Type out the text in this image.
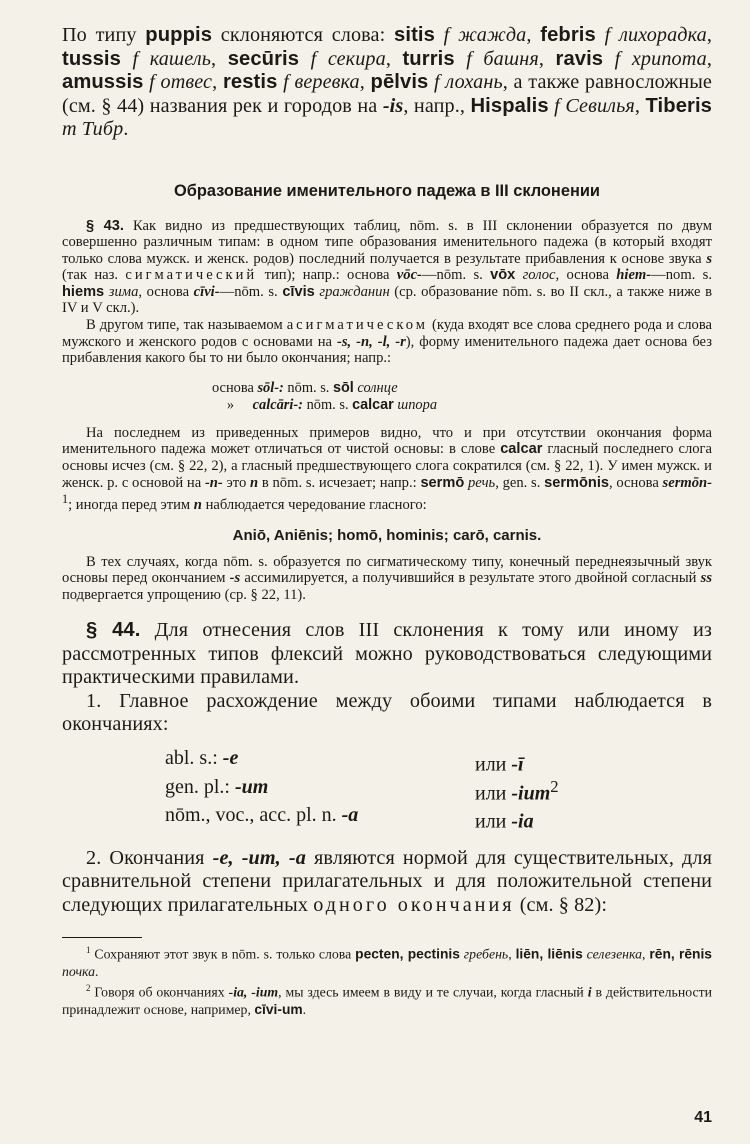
По типу puppis склоняются слова: sitis f жажда, febris f лихорадка, tussis f кашель, secūris f секира, turris f башня, ravis f хрипота, amussis f отвес, restis f веревка, pēlvis f лохань, а также равносложные (см. § 44) названия рек и городов на -is, напр., Hispalis f Севилья, Tiberis m Тибр.

Образование именительного падежа в III склонении

§ 43. Как видно из предшествующих таблиц, nōm. s. в III склонении образуется по двум совершенно различным типам: в одном типе образования именительного падежа (в который входят только слова мужск. и женск. родов) последний получается в результате прибавления к основе звука s (так наз. сигматический тип); напр.: основа vōc-—nōm. s. vōx голос, основа hiem-—nom. s. hiems зима, основа cīvi-—nōm. s. cīvis гражданин (ср. образование nōm. s. во II скл., а также ниже в IV и V скл.).

В другом типе, так называемом асигматическом (куда входят все слова среднего рода и слова мужского и женского родов с основами на -s, -n, -l, -r), форму именительного падежа дает основа без прибавления какого бы то ни было окончания; напр.:

основа sōl-: nōm. s. sōl солнце
» calcāri-: nōm. s. calcar шпора

На последнем из приведенных примеров видно, что и при отсутствии окончания форма именительного падежа может отличаться от чистой основы: в слове calcar гласный последнего слога основы исчез (см. § 22, 2), а гласный предшествующего слога сократился (см. § 22, 1). У имен мужск. и женск. р. с основой на -n- это n в nōm. s. исчезает; напр.: sermō речь, gen. s. sermōnis, основа sermōn-$^1$; иногда перед этим n наблюдается чередование гласного:

Aniō, Aniēnis; homō, hominis; carō, carnis.

В тех случаях, когда nōm. s. образуется по сигматическому типу, конечный переднеязычный звук основы перед окончанием -s ассимилируется, а получившийся в результате этого двойной согласный ss подвергается упрощению (ср. § 22, 11).

§ 44. Для отнесения слов III склонения к тому или иному из рассмотренных типов флексий можно руководствоваться следующими практическими правилами.

1. Главное расхождение между обоими типами наблюдается в окончаниях:

abl. s.: -e	или -ī
gen. pl.: -um	или -ium$^2$
nōm., voc., acc. pl. n. -a	или -ia

2. Окончания -e, -um, -a являются нормой для существительных, для сравнительной степени прилагательных и для положительной степени следующих прилагательных одного окончания (см. § 82):

$^1$ Сохраняют этот звук в nōm. s. только слова pecten, pectinis гребень, liēn, liēnis селезенка, rēn, rēnis почка.

$^2$ Говоря об окончаниях -ia, -ium, мы здесь имеем в виду и те случаи, когда гласный i в действительности принадлежит основе, например, cīvi-um.

41
